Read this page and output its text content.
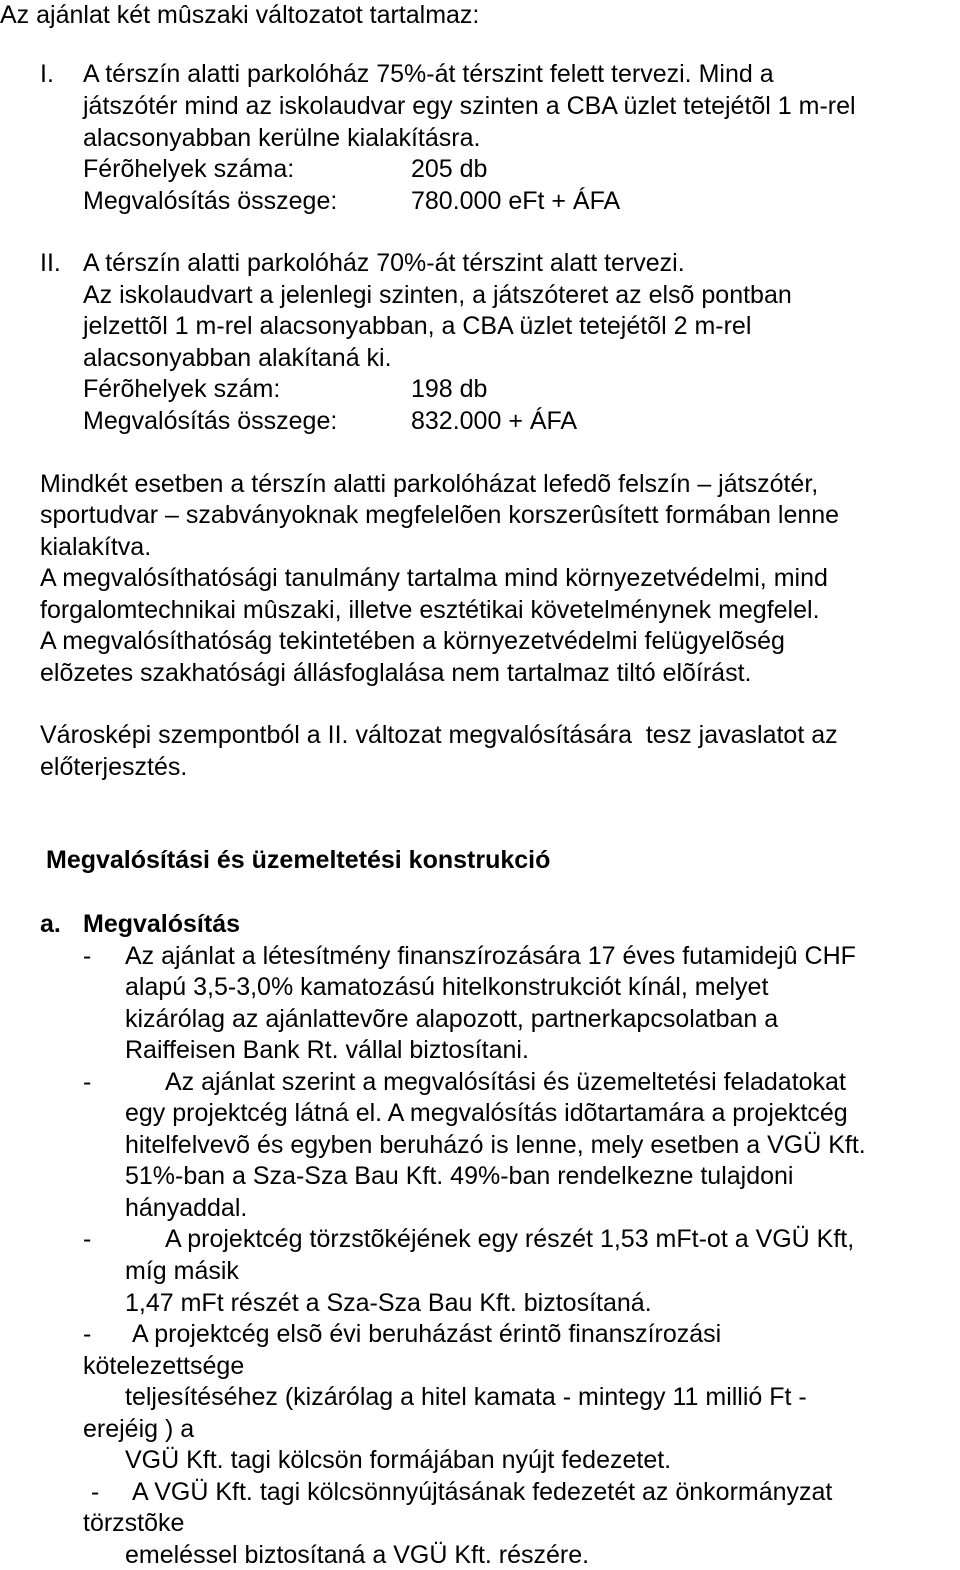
Az ajánlat két mûszaki változatot tartalmaz:
I. A térszín alatti parkolóház 75%-át térszint felett tervezi. Mind a
játszótér mind az iskolaudvar egy szinten a CBA üzlet tetejétõl 1 m-rel
alacsonyabban kerülne kialakításra.
Férõhelyek száma:	205 db
Megvalósítás összege:	780.000 eFt + ÁFA
II. A térszín alatti parkolóház 70%-át térszint alatt tervezi.
Az iskolaudvart a jelenlegi szinten, a játszóteret az elsõ pontban
jelzettõl 1 m-rel alacsonyabban, a CBA üzlet tetejétõl 2 m-rel
alacsonyabban alakítaná ki.
Férõhelyek szám:	198 db
Megvalósítás összege:	832.000 + ÁFA
Mindkét esetben a térszín alatti parkolóházat lefedõ felszín – játszótér,
sportudvar – szabványoknak megfelelõen korszerûsített formában lenne
kialakítva.
A megvalósíthatósági tanulmány tartalma mind környezetvédelmi, mind
forgalomtechnikai mûszaki, illetve esztétikai követelménynek megfelel.
A megvalósíthatóság tekintetében a környezetvédelmi felügyelõség
elõzetes szakhatósági állásfoglalása nem tartalmaz tiltó elõírást.
Városképi szempontból a II. változat megvalósítására  tesz javaslatot az
előterjesztés.
Megvalósítási és üzemeltetési konstrukció
a. Megvalósítás
- Az ajánlat a létesítmény finanszírozására 17 éves futamidejû CHF
alapú 3,5-3,0% kamatozású hitelkonstrukciót kínál, melyet
kizárólag az ajánlattevõre alapozott, partnerkapcsolatban a
Raiffeisen Bank Rt. vállal biztosítani.
-	Az ajánlat szerint a megvalósítási és üzemeltetési feladatokat
egy projektcég látná el. A megvalósítás idõtartamára a projektcég
hitelfelvevõ és egyben beruházó is lenne, mely esetben a VGÜ Kft.
51%-ban a Sza-Sza Bau Kft. 49%-ban rendelkezne tulajdoni
hányaddal.
-	A projektcég törzstõkéjének egy részét 1,53 mFt-ot a VGÜ Kft,
míg másik
1,47 mFt részét a Sza-Sza Bau Kft. biztosítaná.
- A projektcég elsõ évi beruházást érintõ finanszírozási
kötelezettsége
teljesítéséhez (kizárólag a hitel kamata - mintegy 11 millió Ft -
erejéig ) a
VGÜ Kft. tagi kölcsön formájában nyújt fedezetet.
- A VGÜ Kft. tagi kölcsönnyújtásának fedezetét az önkormányzat
törzstõke
emeléssel biztosítaná a VGÜ Kft. részére.
